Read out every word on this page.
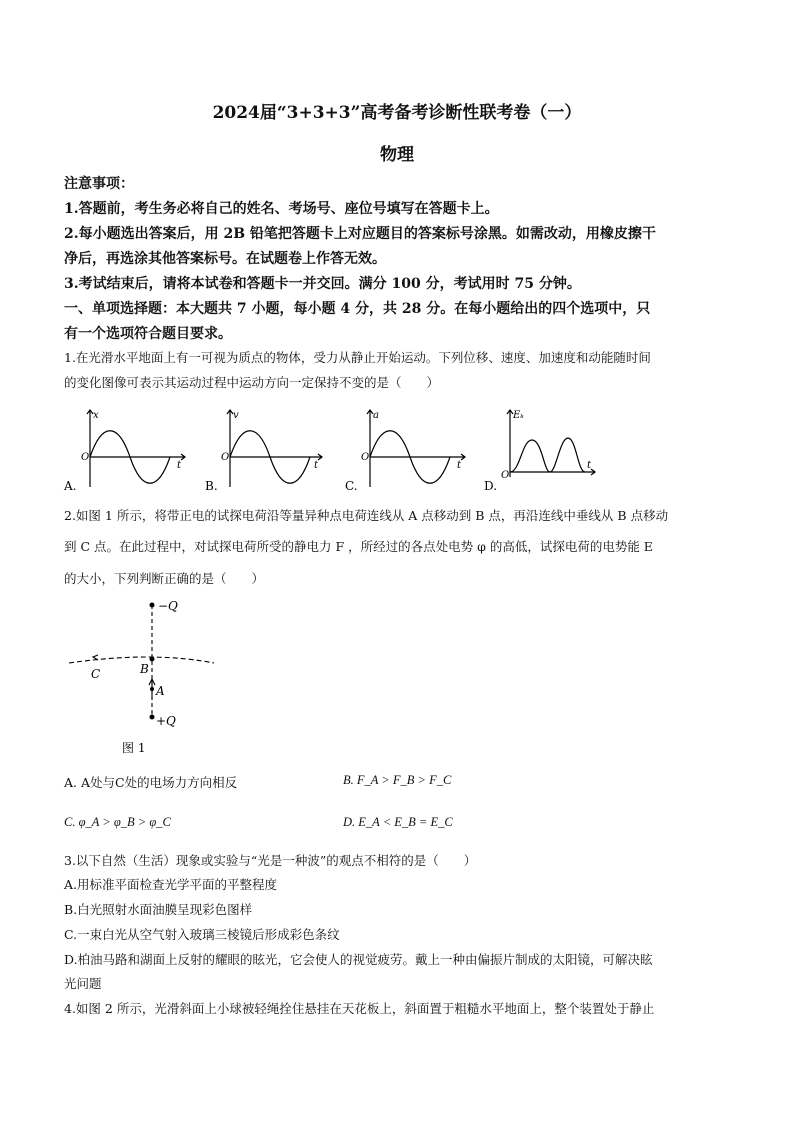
2024届“3+3+3”高考备考诊断性联考卷（一）
物理
注意事项：
1.答题前，考生务必将自己的姓名、考场号、座位号填写在答题卡上。
2.每小题选出答案后，用 2B 铅笔把答题卡上对应题目的答案标号涂黑。如需改动，用橡皮擦干
净后，再选涂其他答案标号。在试题卷上作答无效。
3.考试结束后，请将本试卷和答题卡一并交回。满分 100 分，考试用时 75 分钟。
一、单项选择题：本大题共 7 小题，每小题 4 分，共 28 分。在每小题给出的四个选项中，只
有一个选项符合题目要求。
1.在光滑水平地面上有一可视为质点的物体，受力从静止开始运动。下列位移、速度、加速度和动能随时间
的变化图像可表示其运动过程中运动方向一定保持不变的是（　　）
x
O
t
v
O
t
a
O
t
Eₖ
O
t
A.	B.	C.	D.
2.如图 1 所示，将带正电的试探电荷沿等量异种点电荷连线从 A 点移动到 B 点，再沿连线中垂线从 B 点移动
到 C 点。在此过程中，对试探电荷所受的静电力 F ，所经过的各点处电势 φ 的高低，试探电荷的电势能 E
的大小，下列判断正确的是（　　）
−Q
B
C
A
+Q
图 1
A. A处与C处的电场力方向相反	B. F_A > F_B > F_C
C. φ_A > φ_B > φ_C	D. E_A < E_B = E_C
3.以下自然（生活）现象或实验与“光是一种波”的观点不相符的是（　　）
A.用标准平面检查光学平面的平整程度
B.白光照射水面油膜呈现彩色图样
C.一束白光从空气射入玻璃三棱镜后形成彩色条纹
D.柏油马路和湖面上反射的耀眼的眩光，它会使人的视觉疲劳。戴上一种由偏振片制成的太阳镜，可解决眩
光问题
4.如图 2 所示，光滑斜面上小球被轻绳拴住悬挂在天花板上，斜面置于粗糙水平地面上，整个装置处于静止
